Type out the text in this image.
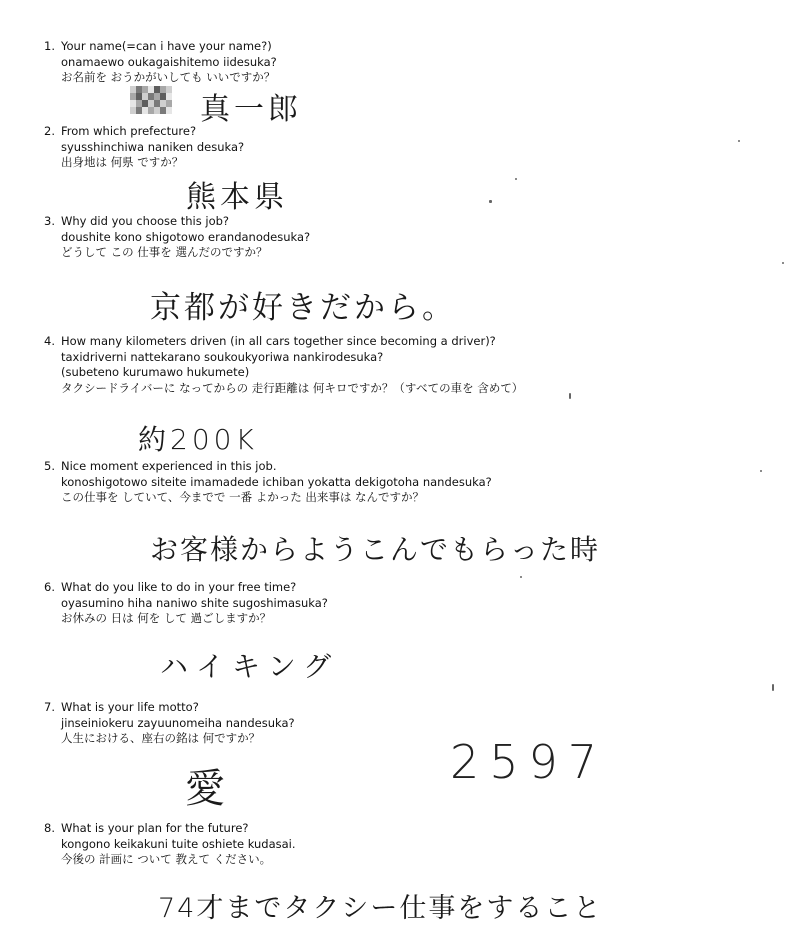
1. Your name(=can i have your name?)
onamaewo oukagaishitemo iidesuka?
お名前を おうかがいしても いいですか？
真一郎
2. From which prefecture?
syusshinchiwa naniken desuka?
出身地は 何県 ですか？
熊本県
3. Why did you choose this job?
doushite kono shigotowo erandanodesuka?
どうして この 仕事を 選んだのですか？
京都が好きだから。
4. How many kilometers driven (in all cars together since becoming a driver)?
taxidriverni nattekarano soukoukyoriwa nankirodesuka?
(subeteno kurumawo hukumete)
タクシードライバーに なってからの 走行距離は 何キロですか？（すべての車を 含めて）
約200K
5. Nice moment experienced in this job.
konoshigotowo siteite imamadede ichiban yokatta dekigotoha nandesuka?
この仕事を していて、今までで 一番 よかった 出来事は なんですか？
お客様からようこんでもらった時
6. What do you like to do in your free time?
oyasumino hiha naniwo shite sugoshimasuka?
お休みの 日は 何を して 過ごしますか？
ハイキング
7. What is your life motto?
jinseiniokeru zayuunomeiha nandesuka?
人生における、座右の銘は 何ですか？
愛	2597
8. What is your plan for the future?
kongono keikakuni tuite oshiete kudasai.
今後の 計画に ついて 教えて ください。
74才までタクシー仕事をすること
